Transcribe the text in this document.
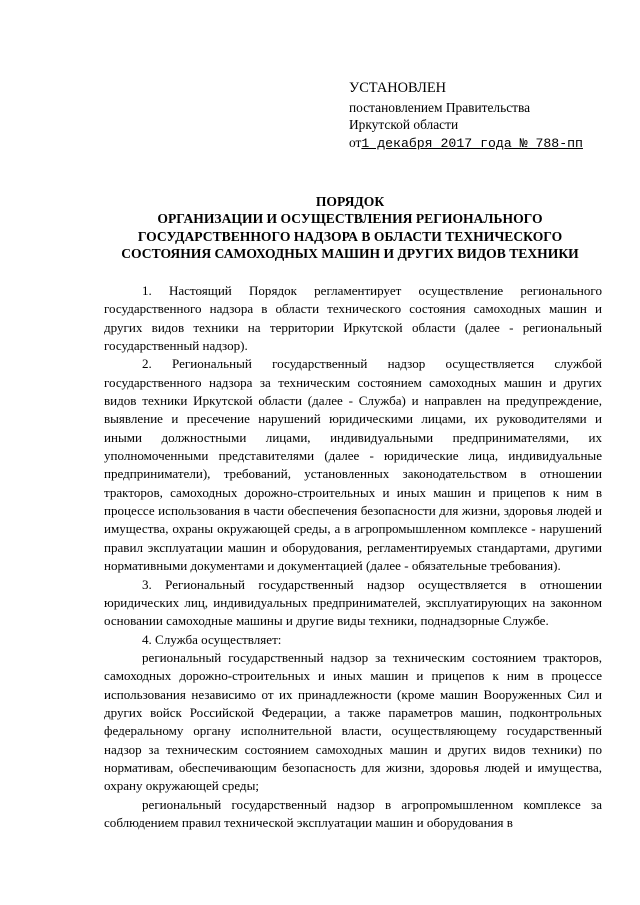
УСТАНОВЛЕН
постановлением Правительства
Иркутской области
от1 декабря 2017 года № 788-пп
ПОРЯДОК
ОРГАНИЗАЦИИ И ОСУЩЕСТВЛЕНИЯ РЕГИОНАЛЬНОГО
ГОСУДАРСТВЕННОГО НАДЗОРА В ОБЛАСТИ ТЕХНИЧЕСКОГО
СОСТОЯНИЯ САМОХОДНЫХ МАШИН И ДРУГИХ ВИДОВ ТЕХНИКИ

1. Настоящий Порядок регламентирует осуществление регионального государственного надзора в области технического состояния самоходных машин и других видов техники на территории Иркутской области (далее - региональный государственный надзор).

2. Региональный государственный надзор осуществляется службой государственного надзора за техническим состоянием самоходных машин и других видов техники Иркутской области (далее - Служба) и направлен на предупреждение, выявление и пресечение нарушений юридическими лицами, их руководителями и иными должностными лицами, индивидуальными предпринимателями, их уполномоченными представителями (далее - юридические лица, индивидуальные предприниматели), требований, установленных законодательством в отношении тракторов, самоходных дорожно-строительных и иных машин и прицепов к ним в процессе использования в части обеспечения безопасности для жизни, здоровья людей и имущества, охраны окружающей среды, а в агропромышленном комплексе - нарушений правил эксплуатации машин и оборудования, регламентируемых стандартами, другими нормативными документами и документацией (далее - обязательные требования).

3. Региональный государственный надзор осуществляется в отношении юридических лиц, индивидуальных предпринимателей, эксплуатирующих на законном основании самоходные машины и другие виды техники, поднадзорные Службе.

4. Служба осуществляет:

региональный государственный надзор за техническим состоянием тракторов, самоходных дорожно-строительных и иных машин и прицепов к ним в процессе использования независимо от их принадлежности (кроме машин Вооруженных Сил и других войск Российской Федерации, а также параметров машин, подконтрольных федеральному органу исполнительной власти, осуществляющему государственный надзор за техническим состоянием самоходных машин и других видов техники) по нормативам, обеспечивающим безопасность для жизни, здоровья людей и имущества, охрану окружающей среды;

региональный государственный надзор в агропромышленном комплексе за соблюдением правил технической эксплуатации машин и оборудования в
